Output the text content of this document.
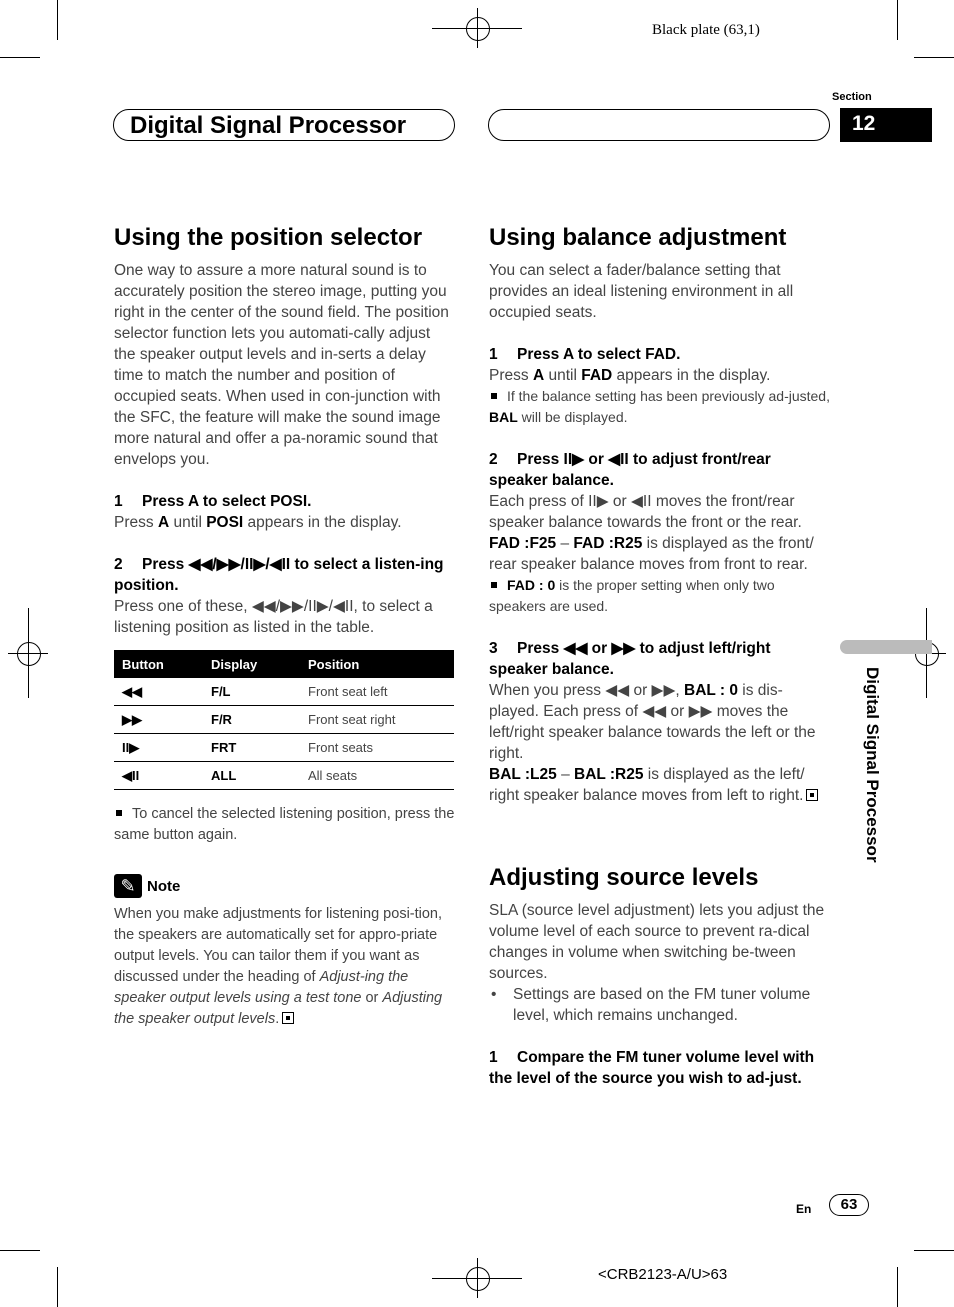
Black plate (63,1)
Digital Signal Processor
Section
12
Using the position selector

One way to assure a more natural sound is to accurately position the stereo image, putting you right in the center of the sound field. The position selector function lets you automati-cally adjust the speaker output levels and in-serts a delay time to match the number and position of occupied seats. When used in con-junction with the SFC, the feature will make the sound image more natural and offer a pa-noramic sound that envelops you.

1 Press A to select POSI.

Press A until POSI appears in the display.

2 Press ◀◀/▶▶/II▶/◀II to select a listen-ing position.

Press one of these, ◀◀/▶▶/II▶/◀II, to select a listening position as listed in the table.

Button	Display	Position
◀◀	F/L	Front seat left
▶▶	F/R	Front seat right
II▶	FRT	Front seats
◀II	ALL	All seats

To cancel the selected listening position, press the same button again.

✎ Note

When you make adjustments for listening posi-tion, the speakers are automatically set for appro-priate output levels. You can tailor them if you want as discussed under the heading of Adjust-ing the speaker output levels using a test tone or Adjusting the speaker output levels.

Using balance adjustment

You can select a fader/balance setting that provides an ideal listening environment in all occupied seats.

1 Press A to select FAD.

Press A until FAD appears in the display.

If the balance setting has been previously ad-justed, BAL will be displayed.

2 Press II▶ or ◀II to adjust front/rear speaker balance.

Each press of II▶ or ◀II moves the front/rear speaker balance towards the front or the rear.
FAD :F25 – FAD :R25 is displayed as the front/ rear speaker balance moves from front to rear.

FAD : 0 is the proper setting when only two speakers are used.

3 Press ◀◀ or ▶▶ to adjust left/right speaker balance.

When you press ◀◀ or ▶▶, BAL : 0 is dis-played. Each press of ◀◀ or ▶▶ moves the left/right speaker balance towards the left or the right.
BAL :L25 – BAL :R25 is displayed as the left/ right speaker balance moves from left to right.

Adjusting source levels

SLA (source level adjustment) lets you adjust the volume level of each source to prevent ra-dical changes in volume when switching be-tween sources.

•	Settings are based on the FM tuner volume level, which remains unchanged.
1 Compare the FM tuner volume level with the level of the source you wish to ad-just.
Digital Signal Processor
En	63
<CRB2123-A/U>63
